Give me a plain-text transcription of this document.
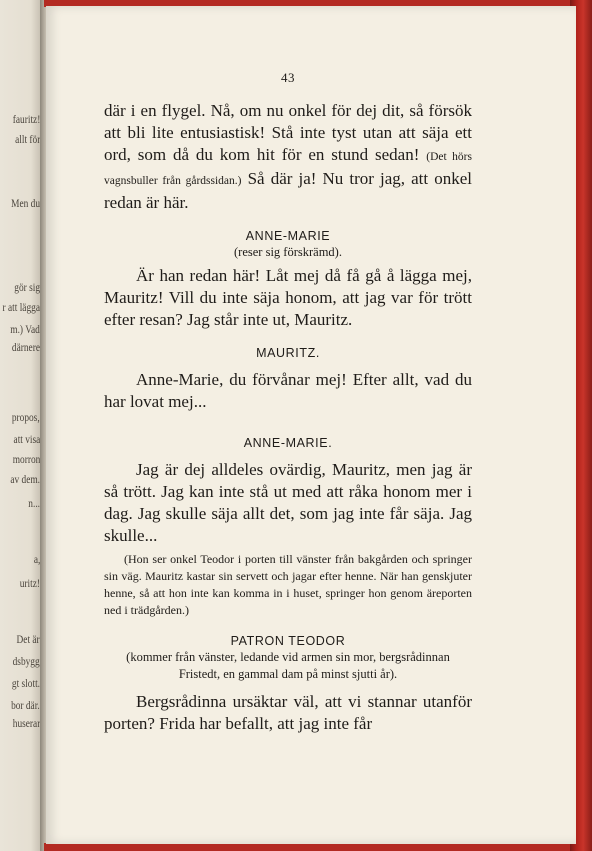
fauritz!
allt för
Men du
gör sig
r att lägga
m.) Vad
därnere
propos,
att visa
morron
av dem.
n...
a,
uritz!
Det är
dsbygg
gt slott.
bor där.
huserar
43

där i en flygel. Nå, om nu onkel för dej dit, så försök att bli lite entusiastisk! Stå inte tyst utan att säja ett ord, som då du kom hit för en stund sedan! (Det hörs vagnsbuller från gårdssidan.) Så där ja! Nu tror jag, att onkel redan är här.

ANNE-MARIE
(reser sig förskrämd).

Är han redan här! Låt mej då få gå å lägga mej, Mauritz! Vill du inte säja honom, att jag var för trött efter resan? Jag står inte ut, Mauritz.

MAURITZ.

Anne-Marie, du förvånar mej! Efter allt, vad du har lovat mej...

ANNE-MARIE.

Jag är dej alldeles ovärdig, Mauritz, men jag är så trött. Jag kan inte stå ut med att råka honom mer i dag. Jag skulle säja allt det, som jag inte får säja. Jag skulle...

(Hon ser onkel Teodor i porten till vänster från bakgården och springer sin väg. Mauritz kastar sin servett och jagar efter henne. När han genskjuter henne, så att hon inte kan komma in i huset, springer hon genom äreporten ned i trädgården.)
PATRON TEODOR
(kommer från vänster, ledande vid armen sin mor, bergsrådinnan Fristedt, en gammal dam på minst sjutti år).

Bergsrådinna ursäktar väl, att vi stannar utanför porten? Frida har befallt, att jag inte får
